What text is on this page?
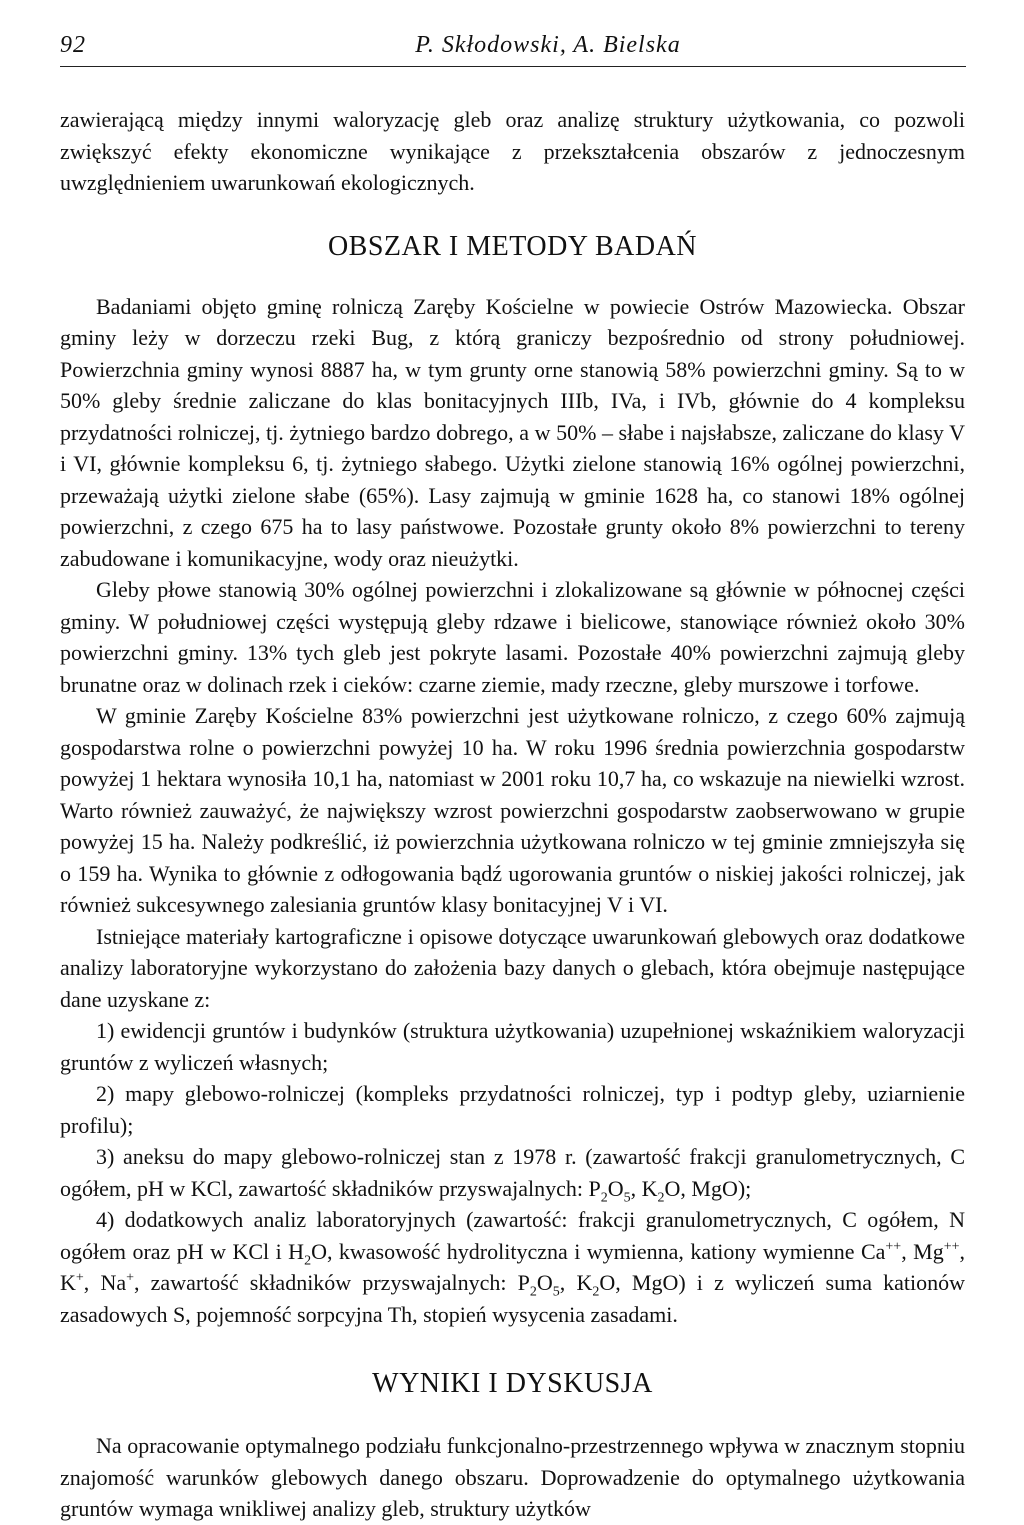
92	P. Skłodowski, A. Bielska

zawierającą między innymi waloryzację gleb oraz analizę struktury użytkowania, co pozwoli zwiększyć efekty ekonomiczne wynikające z przekształcenia obszarów z jednoczesnym uwzględnieniem uwarunkowań ekologicznych.

OBSZAR I METODY BADAŃ

Badaniami objęto gminę rolniczą Zaręby Kościelne w powiecie Ostrów Mazowiecka. Obszar gminy leży w dorzeczu rzeki Bug, z którą graniczy bezpośrednio od strony południowej. Powierzchnia gminy wynosi 8887 ha, w tym grunty orne stanowią 58% powierzchni gminy. Są to w 50% gleby średnie zaliczane do klas bonitacyjnych IIIb, IVa, i IVb, głównie do 4 kompleksu przydatności rolniczej, tj. żytniego bardzo dobrego, a w 50% – słabe i najsłabsze, zaliczane do klasy V i VI, głównie kompleksu 6, tj. żytniego słabego. Użytki zielone stanowią 16% ogólnej powierzchni, przeważają użytki zielone słabe (65%). Lasy zajmują w gminie 1628 ha, co stanowi 18% ogólnej powierzchni, z czego 675 ha to lasy państwowe. Pozostałe grunty około 8% powierzchni to tereny zabudowane i komunikacyjne, wody oraz nieużytki.

Gleby płowe stanowią 30% ogólnej powierzchni i zlokalizowane są głównie w północnej części gminy. W południowej części występują gleby rdzawe i bielicowe, stanowiące również około 30% powierzchni gminy. 13% tych gleb jest pokryte lasami. Pozostałe 40% powierzchni zajmują gleby brunatne oraz w dolinach rzek i cieków: czarne ziemie, mady rzeczne, gleby murszowe i torfowe.

W gminie Zaręby Kościelne 83% powierzchni jest użytkowane rolniczo, z czego 60% zajmują gospodarstwa rolne o powierzchni powyżej 10 ha. W roku 1996 średnia powierzchnia gospodarstw powyżej 1 hektara wynosiła 10,1 ha, natomiast w 2001 roku 10,7 ha, co wskazuje na niewielki wzrost. Warto również zauważyć, że największy wzrost powierzchni gospodarstw zaobserwowano w grupie powyżej 15 ha. Należy podkreślić, iż powierzchnia użytkowana rolniczo w tej gminie zmniejszyła się o 159 ha. Wynika to głównie z odłogowania bądź ugorowania gruntów o niskiej jakości rolniczej, jak również sukcesywnego zalesiania gruntów klasy bonitacyjnej V i VI.

Istniejące materiały kartograficzne i opisowe dotyczące uwarunkowań glebowych oraz dodatkowe analizy laboratoryjne wykorzystano do założenia bazy danych o glebach, która obejmuje następujące dane uzyskane z:

1) ewidencji gruntów i budynków (struktura użytkowania) uzupełnionej wskaźnikiem waloryzacji gruntów z wyliczeń własnych;

2) mapy glebowo-rolniczej (kompleks przydatności rolniczej, typ i podtyp gleby, uziarnienie profilu);

3) aneksu do mapy glebowo-rolniczej stan z 1978 r. (zawartość frakcji granulometrycznych, C ogółem, pH w KCl, zawartość składników przyswajalnych: $P_2O_5$, $K_2O$, MgO);

4) dodatkowych analiz laboratoryjnych (zawartość: frakcji granulometrycznych, C ogółem, N ogółem oraz pH w KCl i $H_2O$, kwasowość hydrolityczna i wymienna, kationy wymienne Ca++, Mg++, K+, Na+, zawartość składników przyswajalnych: $P_2O_5$, $K_2O$, MgO) i z wyliczeń suma kationów zasadowych S, pojemność sorpcyjna Th, stopień wysycenia zasadami.

WYNIKI I DYSKUSJA

Na opracowanie optymalnego podziału funkcjonalno-przestrzennego wpływa w znacznym stopniu znajomość warunków glebowych danego obszaru. Doprowadzenie do optymalnego użytkowania gruntów wymaga wnikliwej analizy gleb, struktury użytków
